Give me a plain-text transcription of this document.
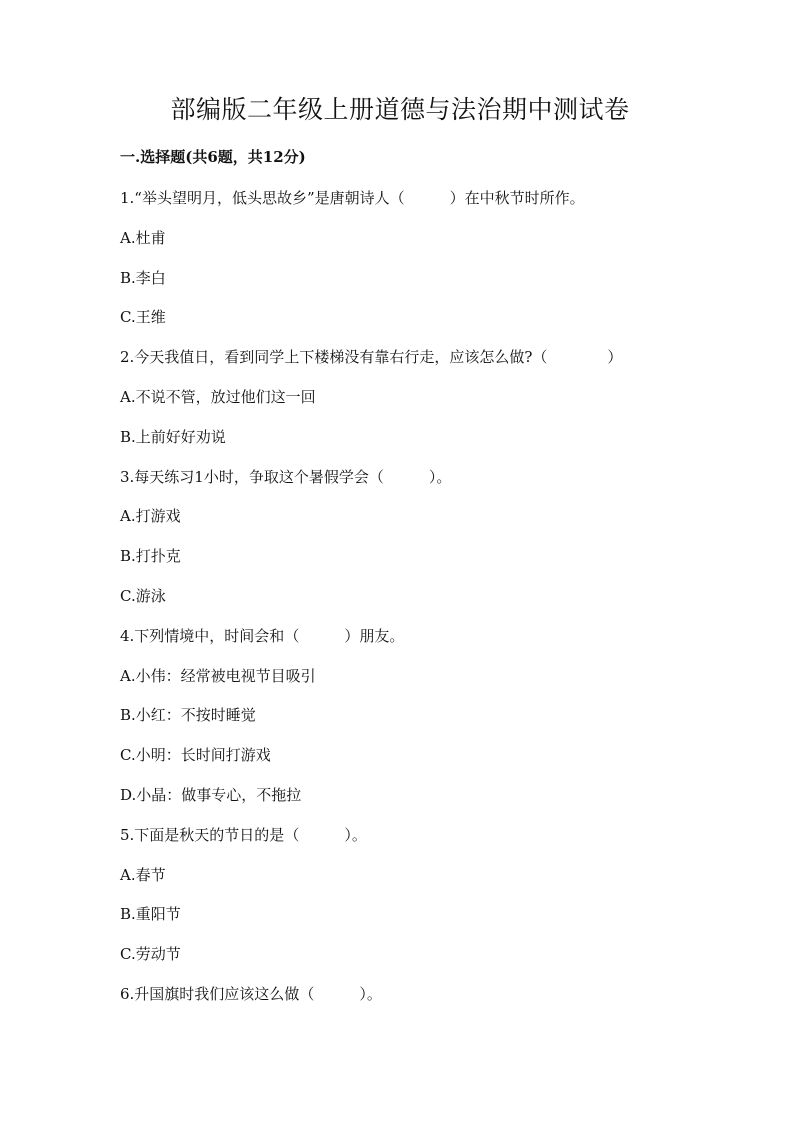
部编版二年级上册道德与法治期中测试卷
一.选择题(共6题，共12分)
1.“举头望明月，低头思故乡”是唐朝诗人（　　　）在中秋节时所作。
A.杜甫
B.李白
C.王维
2.今天我值日，看到同学上下楼梯没有靠右行走，应该怎么做?（　　　　）
A.不说不管，放过他们这一回
B.上前好好劝说
3.每天练习1小时，争取这个暑假学会（　　　）。
A.打游戏
B.打扑克
C.游泳
4.下列情境中，时间会和（　　　）朋友。
A.小伟：经常被电视节目吸引
B.小红：不按时睡觉
C.小明：长时间打游戏
D.小晶：做事专心，不拖拉
5.下面是秋天的节日的是（　　　）。
A.春节
B.重阳节
C.劳动节
6.升国旗时我们应该这么做（　　　）。
